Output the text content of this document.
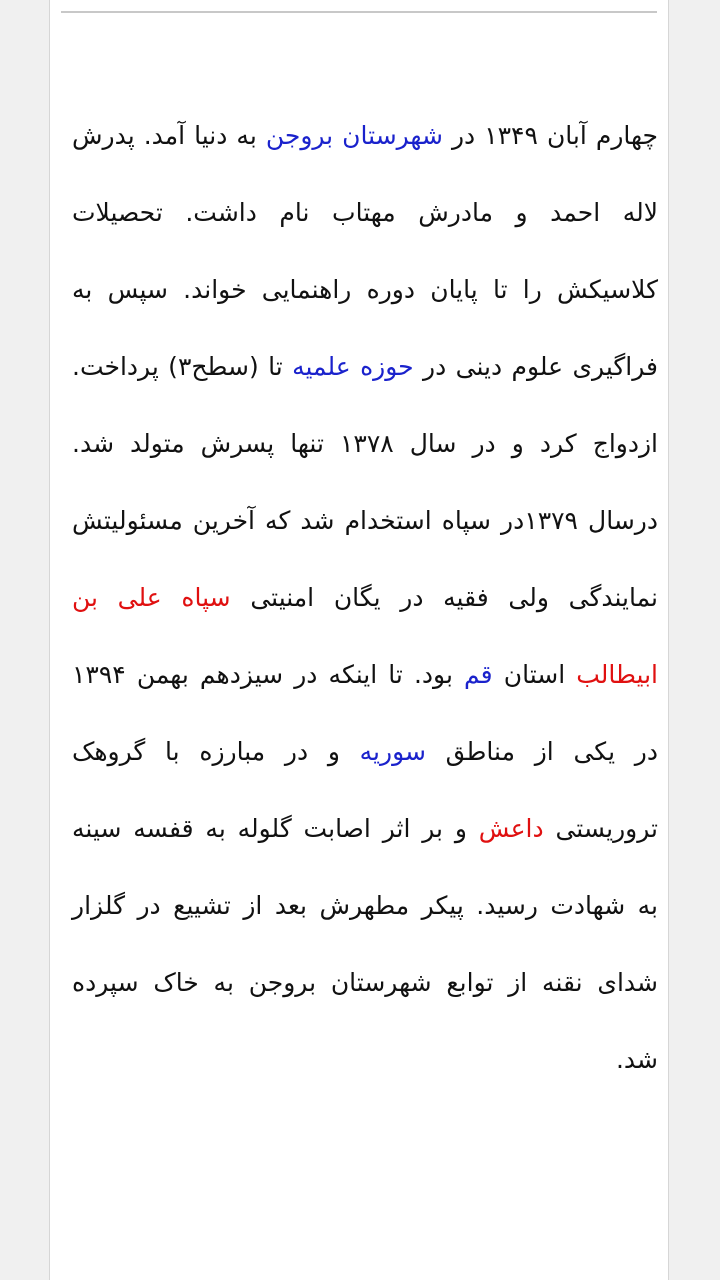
چهارم آبان ۱۳۴۹ در شهرستان بروجن به دنیا آمد. پدرش لاله احمد و مادرش مهتاب نام داشت. تحصیلات کلاسیکش را تا پایان دوره راهنمایی خواند. سپس به فراگیری علوم دینی در حوزه علمیه تا (سطح۳) پرداخت. ازدواج کرد و در سال ۱۳۷۸ تنها پسرش متولد شد. درسال ۱۳۷۹در سپاه استخدام شد که آخرین مسئولیتش نمایندگی ولی فقیه در یگان امنیتی سپاه علی بن ابیطالب استان قم بود. تا اینکه در سیزدهم بهمن ۱۳۹۴ در یکی از مناطق سوریه و در مبارزه با گروهک تروریستی داعش و بر اثر اصابت گلوله به قفسه سینه به شهادت رسید. پیکر مطهرش بعد از تشییع در گلزار شدای نقنه از توابع شهرستان بروجن به خاک سپرده شد.
